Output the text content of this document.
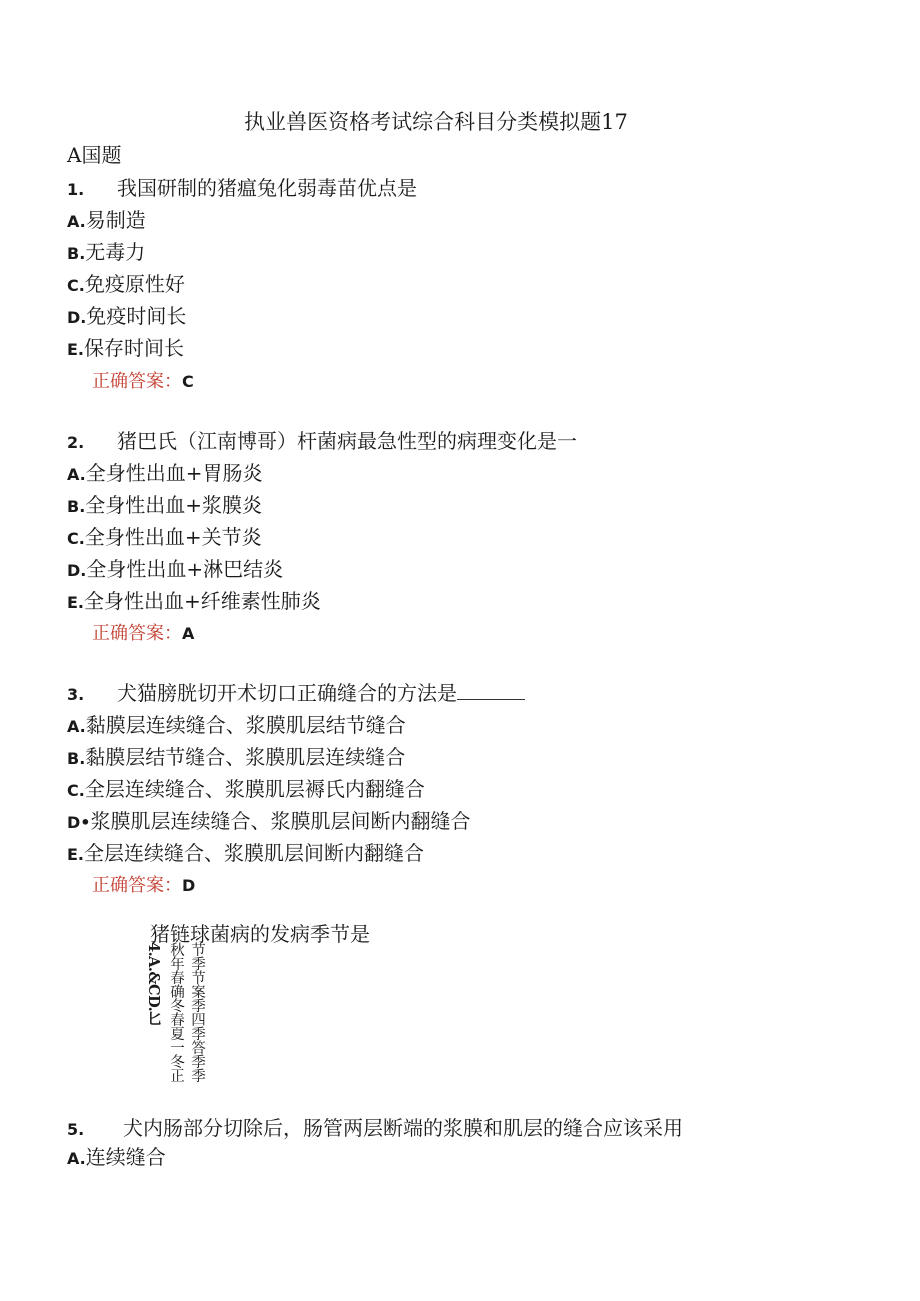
执业兽医资格考试综合科目分类模拟题17
A国题
1. 我国研制的猪瘟兔化弱毒苗优点是
A.易制造
B.无毒力
C.免疫原性好
D.免疫时间长
E.保存时间长
正确答案：C
2. 猪巴氏（江南博哥）杆菌病最急性型的病理变化是一
A.全身性出血+胃肠炎
B.全身性出血+浆膜炎
C.全身性出血+关节炎
D.全身性出血+淋巴结炎
E.全身性出血+纤维素性肺炎
正确答案：A
3. 犬猫膀胱切开术切口正确缝合的方法是
A.黏膜层连续缝合、浆膜肌层结节缝合
B.黏膜层结节缝合、浆膜肌层连续缝合
C.全层连续缝合、浆膜肌层褥氏内翻缝合
D•浆膜肌层连续缝合、浆膜肌层间断内翻缝合
E.全层连续缝合、浆膜肌层间断内翻缝合
正确答案：D
猪链球菌病的发病季节是
4.A.&CD.匕 秋年春确冬春夏一冬正 节季节案季四季答季季
5. 犬内肠部分切除后，肠管两层断端的浆膜和肌层的缝合应该采用
A.连续缝合
